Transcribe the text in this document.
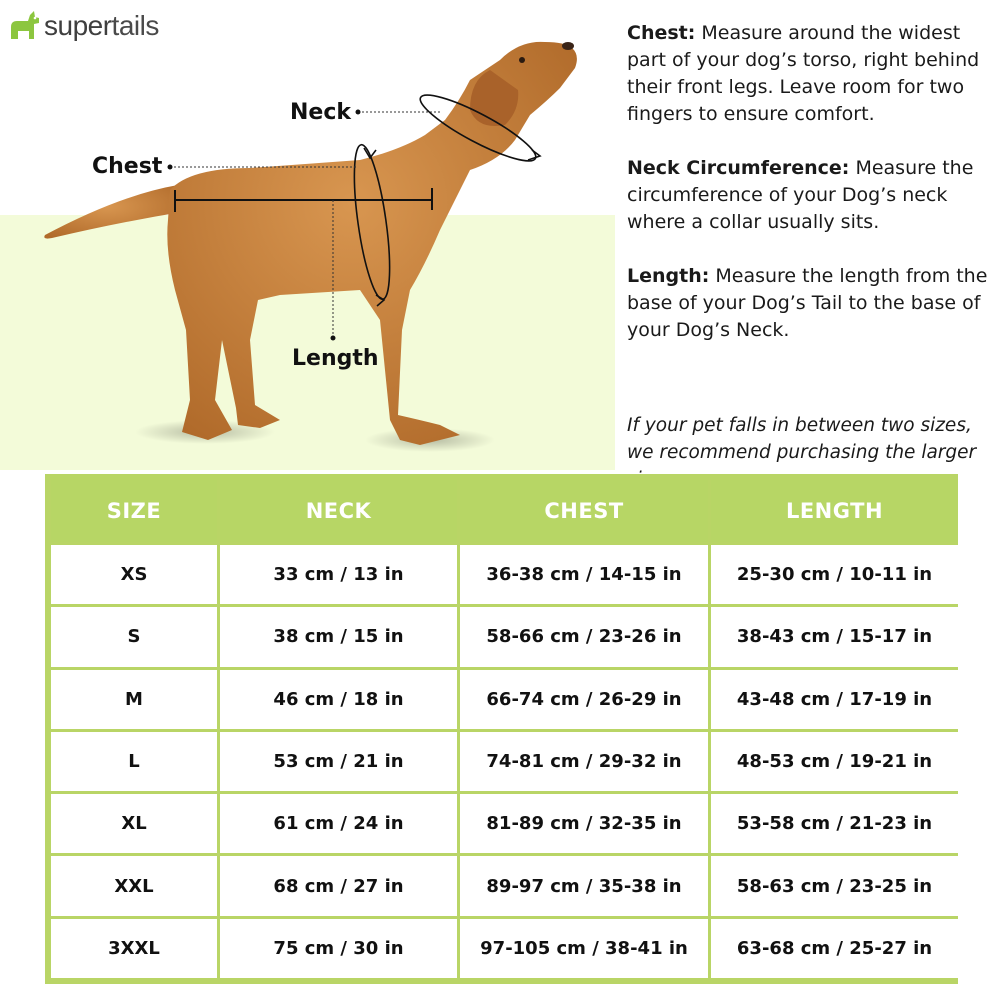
supertails
Neck
Chest
Length

Chest: Measure around the widest part of your dog’s torso, right behind their front legs. Leave room for two fingers to ensure comfort.

Neck Circumference: Measure the circumference of your Dog’s neck where a collar usually sits.

Length: Measure the length from the base of your Dog’s Tail to the base of your Dog’s Neck.

If your pet falls in between two sizes, we recommend purchasing the larger
SIZE	NECK	CHEST	LENGTH
XS	33 cm / 13 in	36-38 cm / 14-15 in	25-30 cm / 10-11 in
S	38 cm / 15 in	58-66 cm / 23-26 in	38-43 cm / 15-17 in
M	46 cm / 18 in	66-74 cm / 26-29 in	43-48 cm / 17-19 in
L	53 cm / 21 in	74-81 cm / 29-32 in	48-53 cm / 19-21 in
XL	61 cm / 24 in	81-89 cm / 32-35 in	53-58 cm / 21-23 in
XXL	68 cm / 27 in	89-97 cm / 35-38 in	58-63 cm / 23-25 in
3XXL	75 cm / 30 in	97-105 cm / 38-41 in	63-68 cm / 25-27 in
